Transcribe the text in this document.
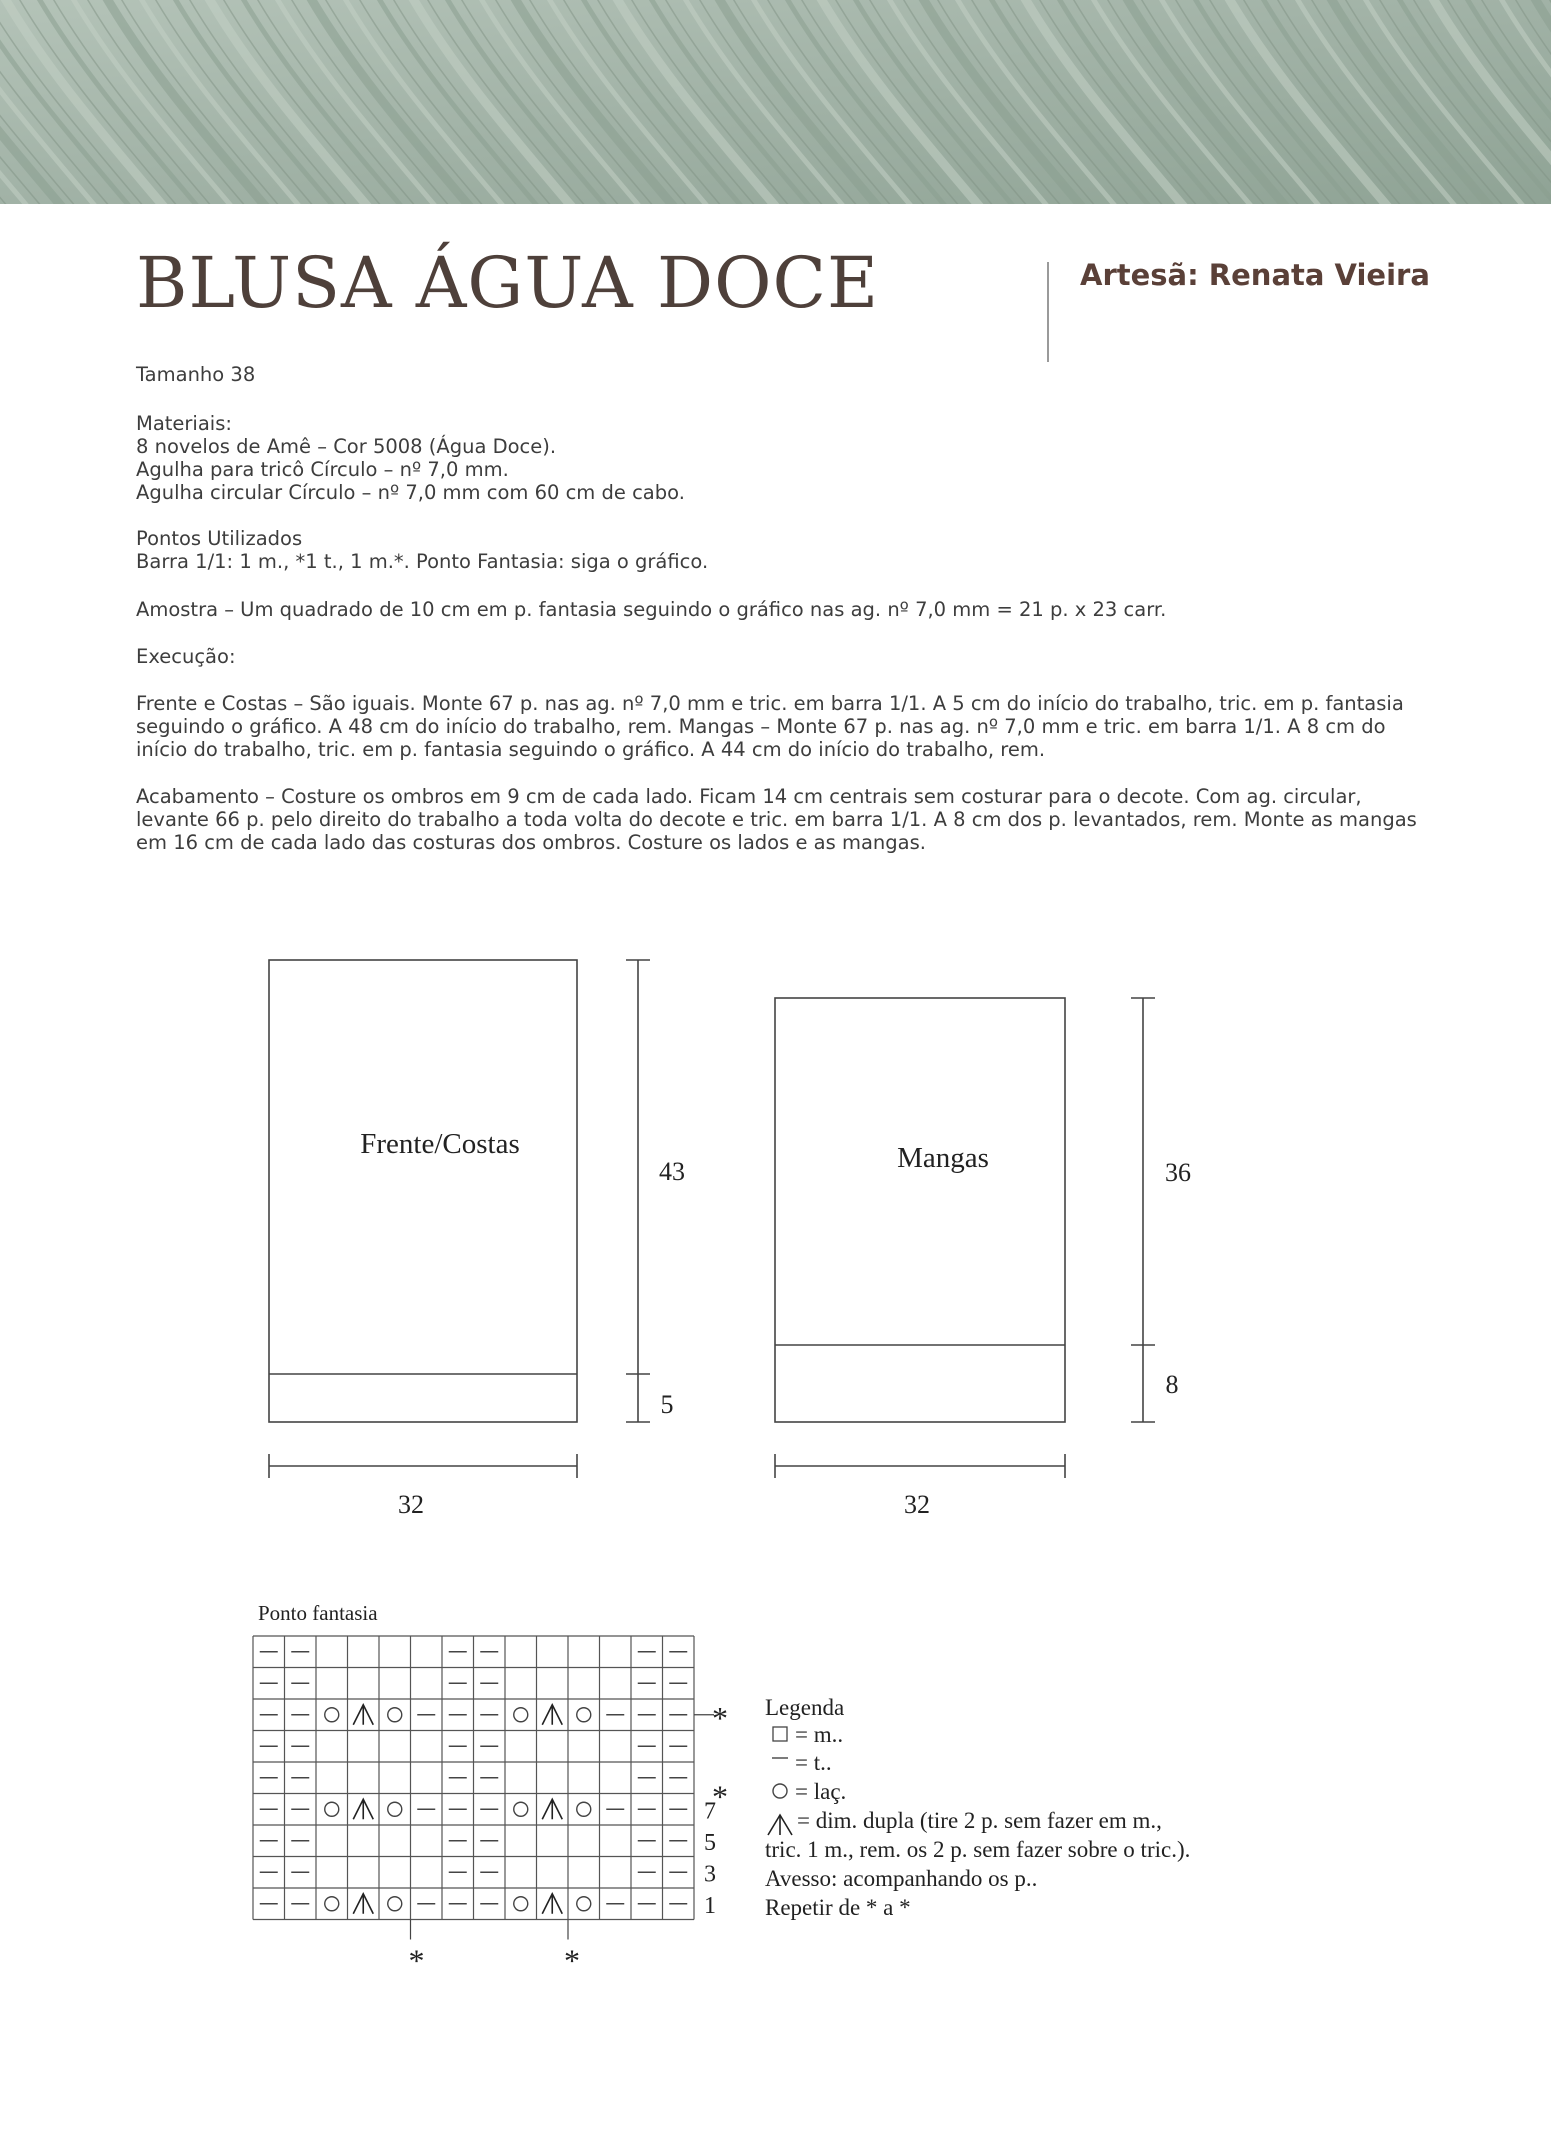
BLUSA ÁGUA DOCE	Artesã: Renata Vieira

Tamanho 38

Materiais:

8 novelos de Amê – Cor 5008 (Água Doce).

Agulha para tricô Círculo – nº 7,0 mm.

Agulha circular Círculo – nº 7,0 mm com 60 cm de cabo.

Pontos Utilizados

Barra 1/1: 1 m., *1 t., 1 m.*. Ponto Fantasia: siga o gráfico.

Amostra – Um quadrado de 10 cm em p. fantasia seguindo o gráfico nas ag. nº 7,0 mm = 21 p. x 23 carr.

Execução:

Frente e Costas – São iguais. Monte 67 p. nas ag. nº 7,0 mm e tric. em barra 1/1. A 5 cm do início do trabalho, tric. em p. fantasia seguindo o gráfico. A 48 cm do início do trabalho, rem. Mangas – Monte 67 p. nas ag. nº 7,0 mm e tric. em barra 1/1. A 8 cm do início do trabalho, tric. em p. fantasia seguindo o gráfico. A 44 cm do início do trabalho, rem.

Acabamento – Costure os ombros em 9 cm de cada lado. Ficam 14 cm centrais sem costurar para o decote. Com ag. circular, levante 66 p. pelo direito do trabalho a toda volta do decote e tric. em barra 1/1. A 8 cm dos p. levantados, rem. Monte as mangas em 16 cm de cada lado das costuras dos ombros. Costure os lados e as mangas.

Frente/Costas
43
5
32
Mangas	36
8
32
Ponto fantasia
7
5
3
1
*
*
*	*
Legenda
= m..
= t..
= laç.
= dim. dupla (tire 2 p. sem fazer em m.,
tric. 1 m., rem. os 2 p. sem fazer sobre o tric.).
Avesso: acompanhando os p..
Repetir de * a *
